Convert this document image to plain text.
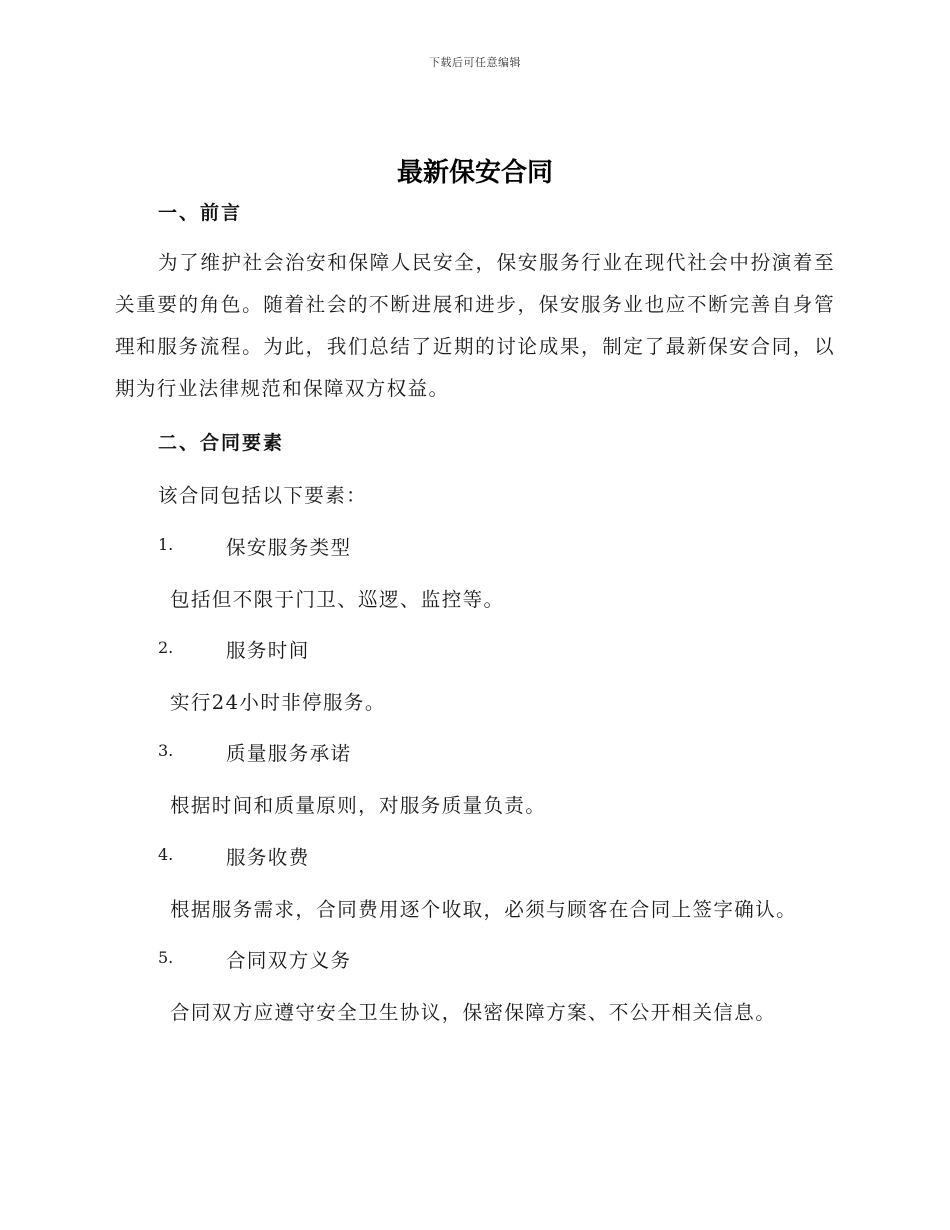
下载后可任意编辑
最新保安合同
一、前言
为了维护社会治安和保障人民安全，保安服务行业在现代社会中扮演着至关重要的角色。随着社会的不断进展和进步，保安服务业也应不断完善自身管理和服务流程。为此，我们总结了近期的讨论成果，制定了最新保安合同，以期为行业法律规范和保障双方权益。
二、合同要素
该合同包括以下要素：
1.	保安服务类型
包括但不限于门卫、巡逻、监控等。
2.	服务时间
实行24小时非停服务。
3.	质量服务承诺
根据时间和质量原则，对服务质量负责。
4.	服务收费
根据服务需求，合同费用逐个收取，必须与顾客在合同上签字确认。
5.	合同双方义务
合同双方应遵守安全卫生协议，保密保障方案、不公开相关信息。
